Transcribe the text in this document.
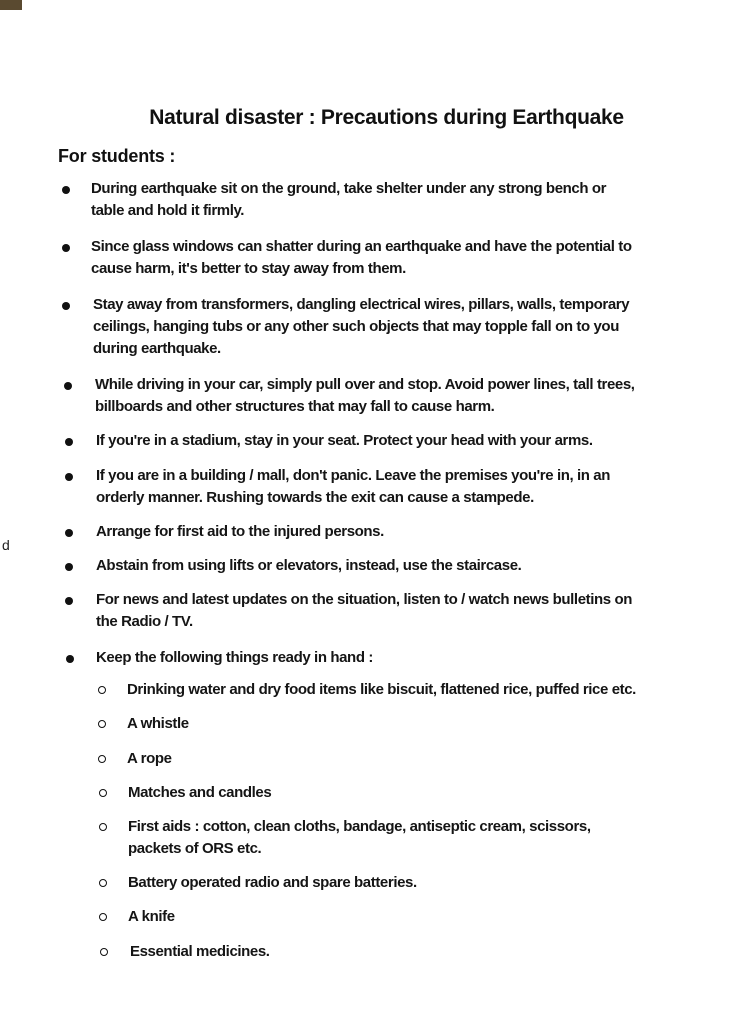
d
Natural disaster : Precautions during Earthquake
For students :
During earthquake sit on the ground, take shelter under any strong bench or table and hold it firmly.
Since glass windows can shatter during an earthquake and have the potential to cause harm, it's better to stay away from them.
Stay away from transformers, dangling electrical wires, pillars, walls, temporary ceilings, hanging tubs or any other such objects that may topple fall on to you during earthquake.
While driving in your car, simply pull over and stop. Avoid power lines, tall trees, billboards and other structures that may fall to cause harm.
If you're in a stadium, stay in your seat. Protect your head with your arms.
If you are in a building / mall, don't panic. Leave the premises you're in, in an orderly manner. Rushing towards the exit can cause a stampede.
Arrange for first aid to the injured persons.
Abstain from using lifts or elevators, instead, use the staircase.
For news and latest updates on the situation, listen to / watch news bulletins on the Radio / TV.
Keep the following things ready in hand :
Drinking water and dry food items like biscuit, flattened rice, puffed rice etc.
A whistle
A rope
Matches and candles
First aids : cotton, clean cloths, bandage, antiseptic cream, scissors, packets of ORS etc.
Battery operated radio and spare batteries.
A knife
Essential medicines.
